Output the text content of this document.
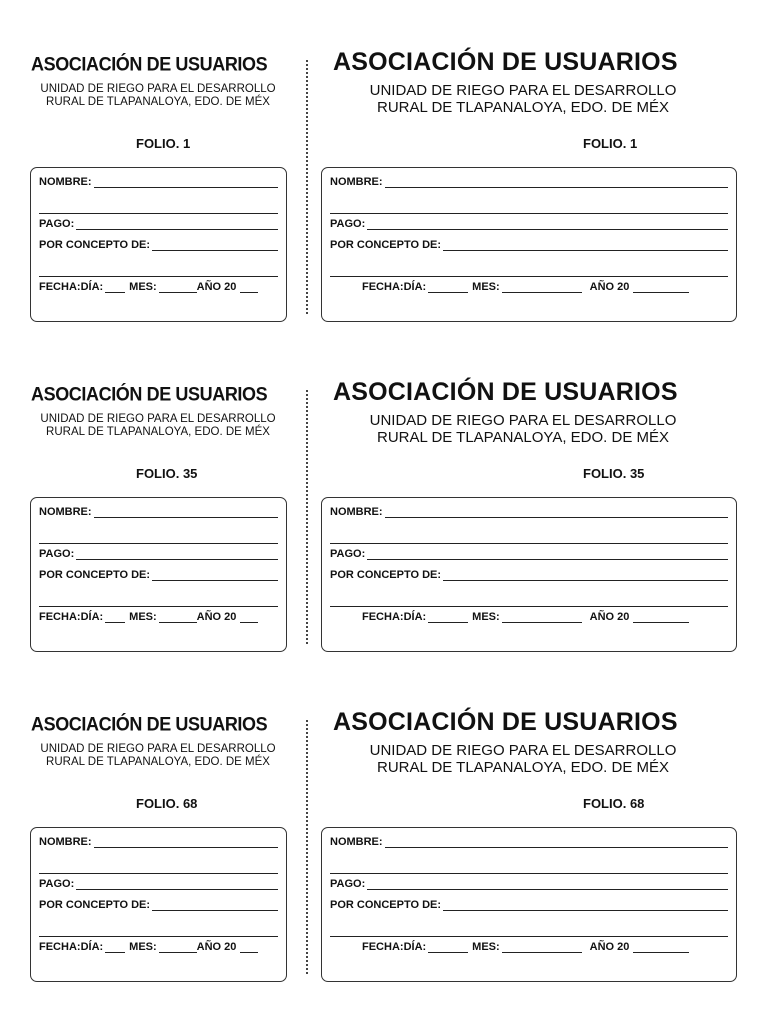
ASOCIACIÓN DE USUARIOS
UNIDAD DE RIEGO PARA EL DESARROLLO
RURAL DE TLAPANALOYA, EDO. DE MÉX
FOLIO. 1
NOMBRE:
PAGO:
POR CONCEPTO DE:
FECHA: DÍA: MES:	AÑO 20
ASOCIACIÓN DE USUARIOS
UNIDAD DE RIEGO PARA EL DESARROLLO
RURAL DE TLAPANALOYA, EDO. DE MÉX
FOLIO. 1
NOMBRE:
PAGO:
POR CONCEPTO DE:
FECHA: DÍA:	MES:	AÑO 20
ASOCIACIÓN DE USUARIOS
UNIDAD DE RIEGO PARA EL DESARROLLO
RURAL DE TLAPANALOYA, EDO. DE MÉX
FOLIO. 35
NOMBRE:
PAGO:
POR CONCEPTO DE:
FECHA: DÍA: MES:	AÑO 20
ASOCIACIÓN DE USUARIOS
UNIDAD DE RIEGO PARA EL DESARROLLO
RURAL DE TLAPANALOYA, EDO. DE MÉX
FOLIO. 35
NOMBRE:
PAGO:
POR CONCEPTO DE:
FECHA: DÍA:	MES:	AÑO 20
ASOCIACIÓN DE USUARIOS
UNIDAD DE RIEGO PARA EL DESARROLLO
RURAL DE TLAPANALOYA, EDO. DE MÉX
FOLIO. 68
NOMBRE:
PAGO:
POR CONCEPTO DE:
FECHA: DÍA: MES:	AÑO 20
ASOCIACIÓN DE USUARIOS
UNIDAD DE RIEGO PARA EL DESARROLLO
RURAL DE TLAPANALOYA, EDO. DE MÉX
FOLIO. 68
NOMBRE:
PAGO:
POR CONCEPTO DE:
FECHA: DÍA:	MES:	AÑO 20
